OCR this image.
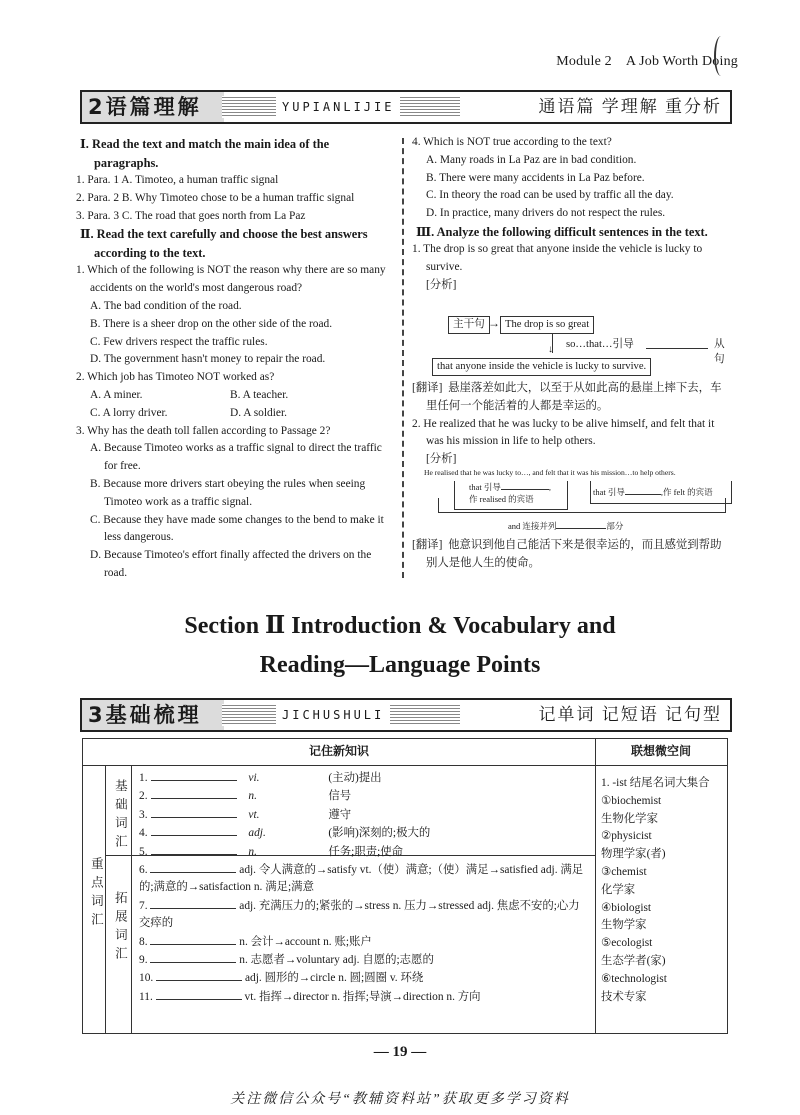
Module 2 A Job Worth Doing
2语篇理解	YUPIANLIJIE	通语篇 学理解 重分析

Ⅰ. Read the text and match the main idea of the paragraphs.

1. Para. 1 A. Timoteo, a human traffic signal

2. Para. 2 B. Why Timoteo chose to be a human traffic signal

3. Para. 3 C. The road that goes north from La Paz

Ⅱ. Read the text carefully and choose the best answers according to the text.

1. Which of the following is NOT the reason why there are so many accidents on the world's most dangerous road?

A. The bad condition of the road.

B. There is a sheer drop on the other side of the road.

C. Few drivers respect the traffic rules.

D. The government hasn't money to repair the road.

2. Which job has Timoteo NOT worked as?

A. A miner.	B. A teacher.

C. A lorry driver.	D. A soldier.

3. Why has the death toll fallen according to Passage 2?

A. Because Timoteo works as a traffic signal to direct the traffic for free.

B. Because more drivers start obeying the rules when seeing Timoteo work as a traffic signal.

C. Because they have made some changes to the bend to make it less dangerous.

D. Because Timoteo's effort finally affected the drivers on the road.

4. Which is NOT true according to the text?

A. Many roads in La Paz are in bad condition.

B. There were many accidents in La Paz before.

C. In theory the road can be used by traffic all the day.

D. In practice, many drivers do not respect the rules.

Ⅲ. Analyze the following difficult sentences in the text.

1. The drop is so great that anyone inside the vehicle is lucky to survive.

[分析]

主干句 → The drop is so great
↓ so…that…引导	从句
that anyone inside the vehicle is lucky to survive.

[翻译] 悬崖落差如此大，以至于从如此高的悬崖上摔下去，车里任何一个能活着的人都是幸运的。

2. He realized that he was lucky to be alive himself, and felt that it was his mission in life to help others.

[分析]

He realised that he was lucky to…, and felt that it was his mission…to help others.
that 引导	,
作 realised 的宾语
that 引导	,作 felt 的宾语
and 连接并列	部分

[翻译] 他意识到他自己能活下来是很幸运的，而且感觉到帮助别人是他人生的使命。

Section Ⅱ Introduction & Vocabulary and
Reading—Language Points
3基础梳理	JICHUSHULI	记单词 记短语 记句型
记住新知识	联想微空间
重点词汇
基础词汇
拓展词汇
1.	vi.	(主动)提出
2.	n.	信号
3.	vt.	遵守
4.	adj.	(影响)深刻的;极大的
5.	n.	任务;职责;使命
6.	adj. 令人满意的→satisfy vt.（使）满意;（使）满足→satisfied adj. 满足的;满意的→satisfaction n. 满足;满意
7.	adj. 充满压力的;紧张的→stress n. 压力→stressed adj. 焦虑不安的;心力交瘁的
8.	n. 会计→account n. 账;账户
9.	n. 志愿者→voluntary adj. 自愿的;志愿的
10.	adj. 圆形的→circle n. 圆;圆圈 v. 环绕
11.	vt. 指挥→director n. 指挥;导演→direction n. 方向
1. -ist 结尾名词大集合
①biochemist
生物化学家
②physicist
物理学家(者)
③chemist
化学家
④biologist
生物学家
⑤ecologist
生态学者(家)
⑥technologist
技术专家
— 19 —
关注微信公众号“教辅资料站”获取更多学习资料
